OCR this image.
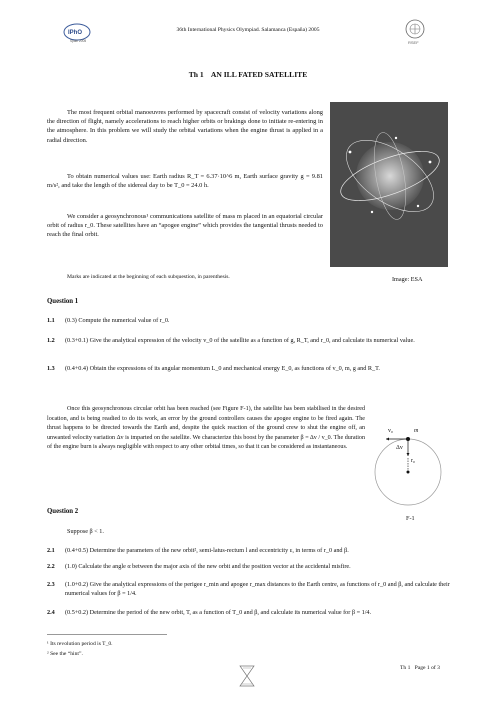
IPhO
Spain 2005
36th International Physics Olympiad. Salamanca (España) 2005
RSEF
Th 1    AN ILL FATED SATELLITE
The most frequent orbital manoeuvres performed by spacecraft consist of velocity variations along the direction of flight, namely accelerations to reach higher orbits or brakings done to initiate re-entering in the atmosphere. In this problem we will study the orbital variations when the engine thrust is applied in a radial direction.
To obtain numerical values use: Earth radius R_T = 6.37·10^6 m, Earth surface gravity g = 9.81 m/s², and take the length of the sidereal day to be T_0 = 24.0 h.
We consider a geosynchronous¹ communications satellite of mass m placed in an equatorial circular orbit of radius r_0. These satellites have an “apogee engine” which provides the tangential thrusts needed to reach the final orbit.
Marks are indicated at the beginning of each subquestion, in parenthesis.	Image: ESA
Question 1
1.1 (0.3) Compute the numerical value of r_0.
1.2 (0.3+0.1) Give the analytical expression of the velocity v_0 of the satellite as a function of g, R_T, and r_0, and calculate its numerical value.
1.3 (0.4+0.4) Obtain the expressions of its angular momentum L_0 and mechanical energy E_0, as functions of v_0, m, g and R_T.
Once this geosynchronous circular orbit has been reached (see Figure F-1), the satellite has been stabilised in the desired location, and is being readied to do its work, an error by the ground controllers causes the apogee engine to be fired again. The thrust happens to be directed towards the Earth and, despite the quick reaction of the ground crew to shut the engine off, an unwanted velocity variation Δv is imparted on the satellite. We characterize this boost by the parameter β = Δv / v_0. The duration of the engine burn is always negligible with respect to any other orbital times, so that it can be considered as instantaneous.
v₀	m
Δv
r₀
F-1
Question 2
Suppose β < 1.
2.1 (0.4+0.5) Determine the parameters of the new orbit², semi-latus-rectum l and eccentricity ε, in terms of r_0 and β.
2.2 (1.0) Calculate the angle α between the major axis of the new orbit and the position vector at the accidental misfire.
2.3 (1.0+0.2) Give the analytical expressions of the perigee r_min and apogee r_max distances to the Earth centre, as functions of r_0 and β, and calculate their numerical values for β = 1/4.
2.4 (0.5+0.2) Determine the period of the new orbit, T, as a function of T_0 and β, and calculate its numerical value for β = 1/4.
¹ Its revolution period is T_0.
² See the “hint”.
Th 1   Page 1 of 3
